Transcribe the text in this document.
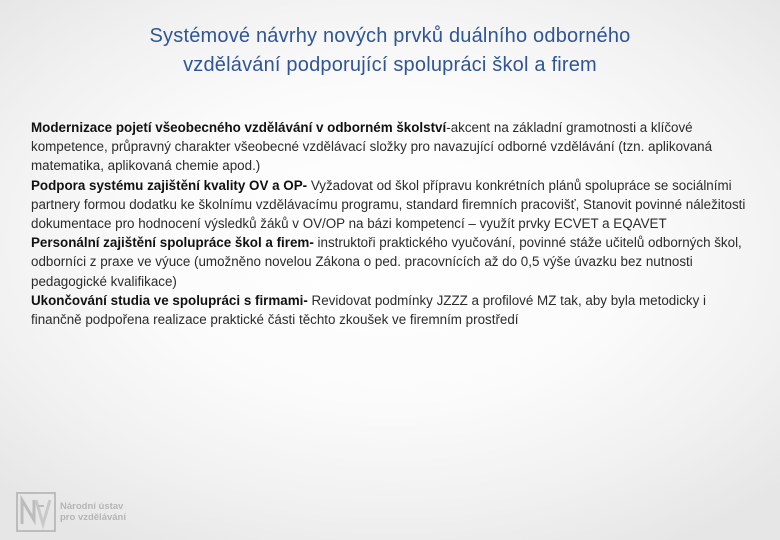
Systémové návrhy nových prvků duálního odborného
vzdělávání podporující spolupráci škol a firem

Modernizace pojetí všeobecného vzdělávání v odborném školství-akcent na základní gramotnosti a klíčové kompetence, průpravný charakter všeobecné vzdělávací složky pro navazující odborné vzdělávání (tzn. aplikovaná matematika, aplikovaná chemie apod.)

Podpora systému zajištění kvality OV a OP- Vyžadovat od škol přípravu konkrétních plánů spolupráce se sociálními partnery formou dodatku ke školnímu vzdělávacímu programu, standard firemních pracovišť, Stanovit povinné náležitosti dokumentace pro hodnocení výsledků žáků v OV/OP na bázi kompetencí – využít prvky ECVET a EQAVET

Personální zajištění spolupráce škol a firem- instruktoři praktického vyučování, povinné stáže učitelů odborných škol, odborníci z praxe ve výuce (umožněno novelou Zákona o ped. pracovnících až do 0,5 výše úvazku bez nutnosti pedagogické kvalifikace)

Ukončování studia ve spolupráci s firmami- Revidovat podmínky JZZZ a profilové MZ tak, aby byla metodicky i finančně podpořena realizace praktické části těchto zkoušek ve firemním prostředí

Národní ústav
pro vzdělávání
